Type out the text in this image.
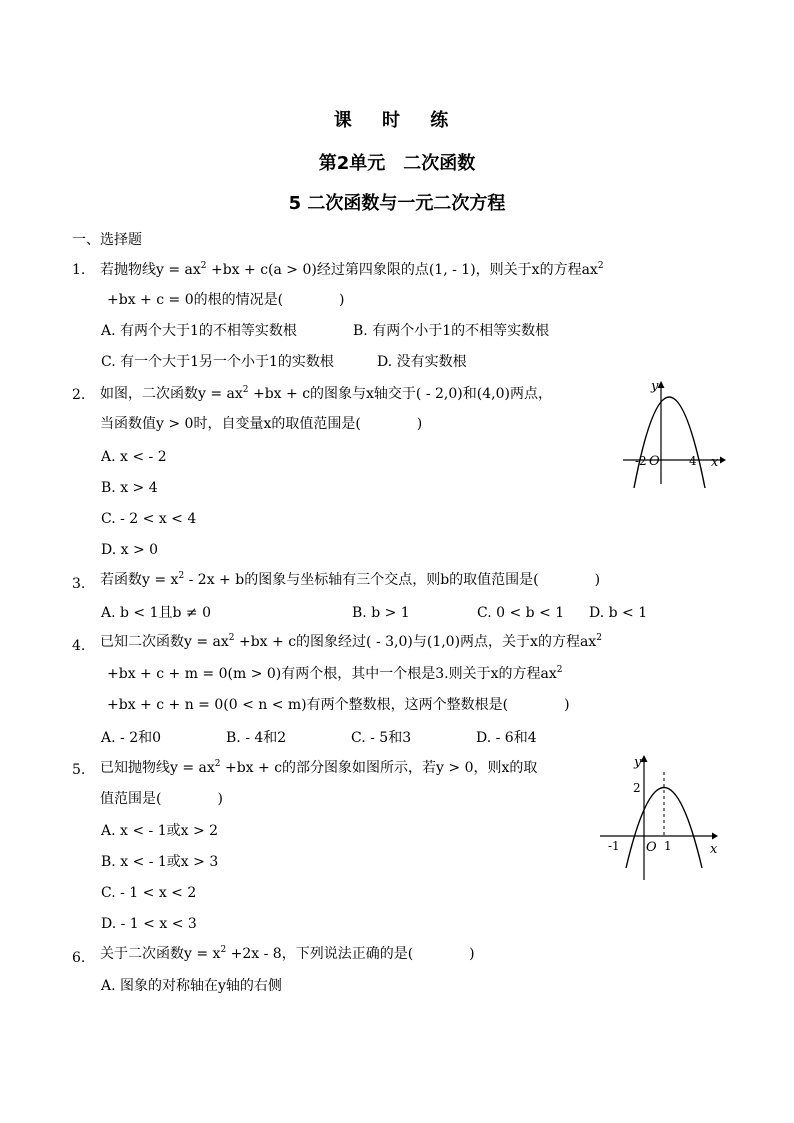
课 时 练
第2单元　二次函数
5 二次函数与一元二次方程
一、选择题
1. 若抛物线$y = ax^2 +bx + c(a > 0)$经过第四象限的点(1, - 1)，则关于x的方程$ax^2$
+bx + c = 0的根的情况是(　　　　)
A. 有两个大于1的不相等实数根	B. 有两个小于1的不相等实数根
C. 有一个大于1另一个小于1的实数根	D. 没有实数根
2. 如图，二次函数$y = ax^2 +bx + c$的图象与x轴交于( - 2,0)和(4,0)两点，
当函数值y > 0时，自变量x的取值范围是(　　　　)
A. x < - 2
B. x > 4
C. - 2 < x < 4
D. x > 0
y
x
-2 O 4
3. 若函数$y = x^2 - 2x + b$的图象与坐标轴有三个交点，则b的取值范围是(　　　　)
A. b < 1且b ≠ 0	B. b > 1	C. 0 < b < 1 D. b < 1
4. 已知二次函数$y = ax^2 +bx + c$的图象经过( - 3,0)与(1,0)两点，关于x的方程$ax^2$
+bx + c + m = 0(m > 0)有两个根，其中一个根是3.则关于x的方程$ax^2$
+bx + c + n = 0(0 < n < m)有两个整数根，这两个整数根是(　　　　)
A. - 2和0	B. - 4和2	C. - 5和3	D. - 6和4
5. 已知抛物线$y = ax^2 +bx + c$的部分图象如图所示，若y > 0，则x的取
值范围是(　　　　)
A. x < - 1或x > 2
B. x < - 1或x > 3
C. - 1 < x < 2
D. - 1 < x < 3
y
x
2
-1 O 1
6. 关于二次函数$y = x^2 +2x - 8$，下列说法正确的是(　　　　)
A. 图象的对称轴在y轴的右侧
